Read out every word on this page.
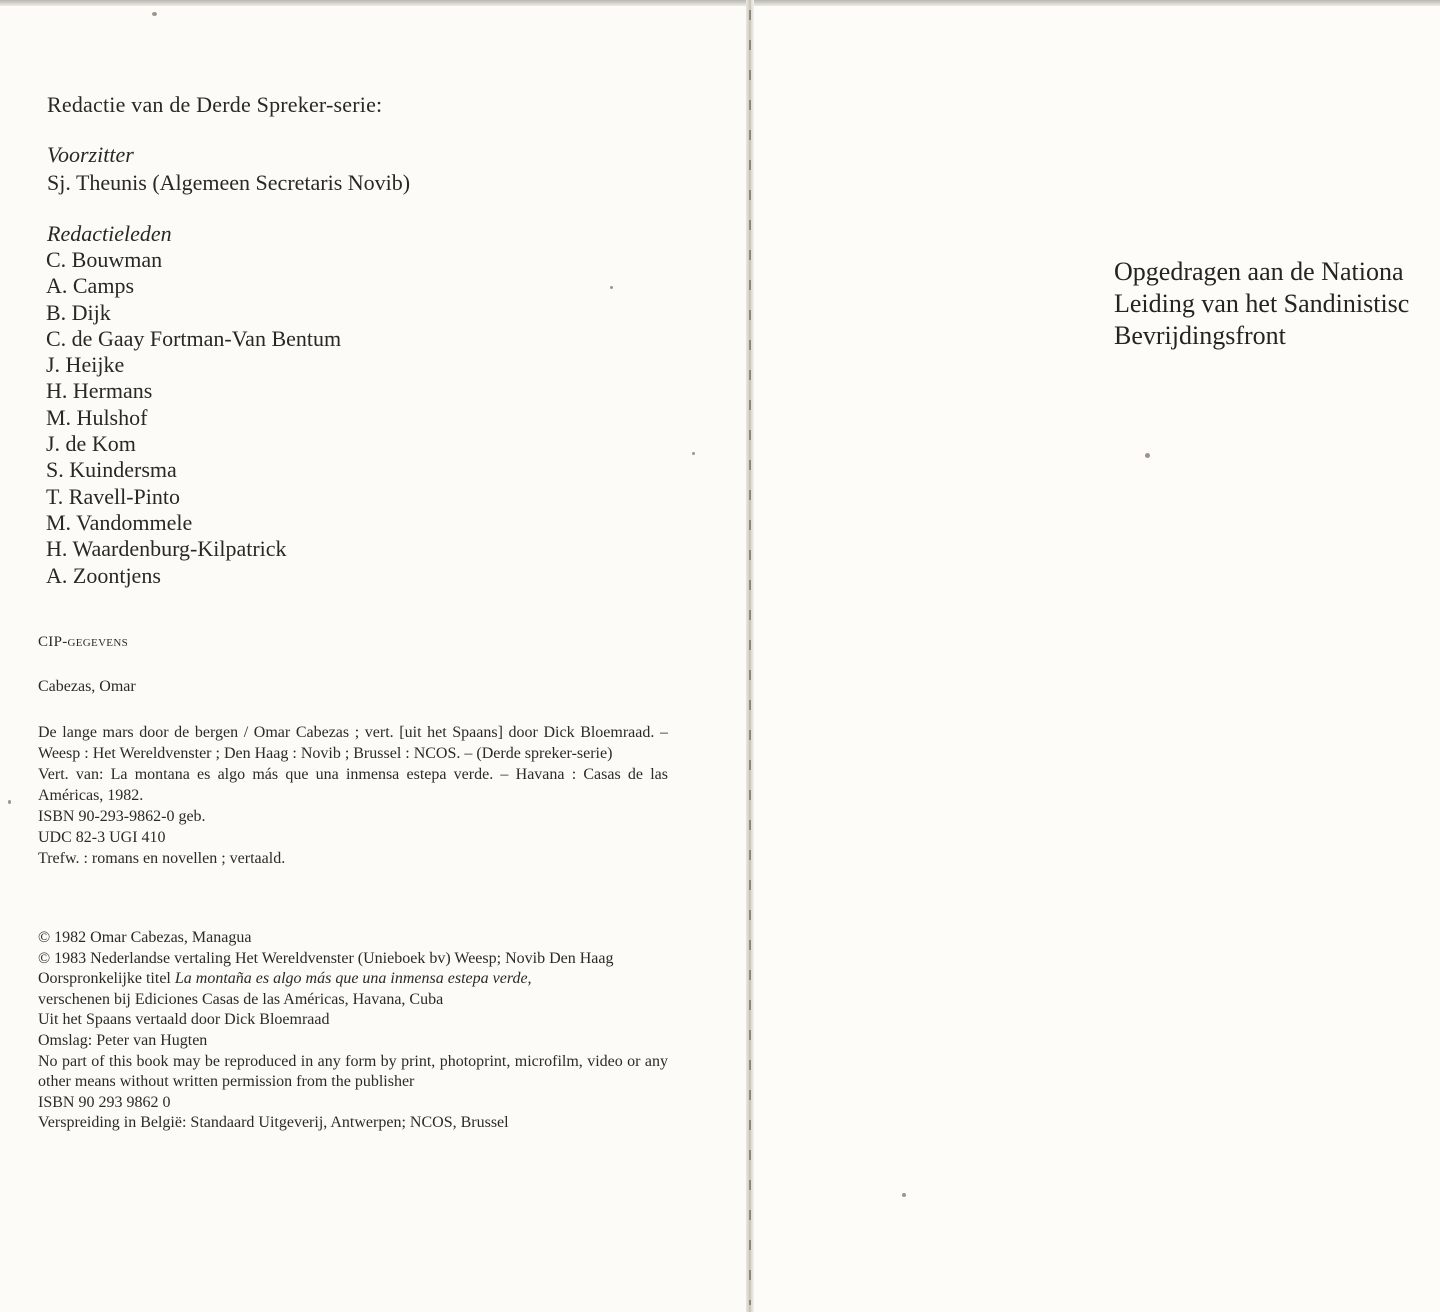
Opgedragen aan de Nationa
Leiding van het Sandinistisc
Bevrijdingsfront
Redactie van de Derde Spreker-serie:
Voorzitter
Sj. Theunis (Algemeen Secretaris Novib)
Redactieleden
C. Bouwman
A. Camps
B. Dijk
C. de Gaay Fortman-Van Bentum
J. Heijke
H. Hermans
M. Hulshof
J. de Kom
S. Kuindersma
T. Ravell-Pinto
M. Vandommele
H. Waardenburg-Kilpatrick
A. Zoontjens
CIP-gegevens
Cabezas, Omar
De lange mars door de bergen / Omar Cabezas ; vert. [uit het Spaans] door Dick Bloemraad. – Weesp : Het Wereldvenster ; Den Haag : Novib ; Brussel : NCOS. – (Derde spreker-serie)
Vert. van: La montana es algo más que una inmensa estepa verde. – Havana : Casas de las Américas, 1982.
ISBN 90-293-9862-0 geb.
UDC 82-3 UGI 410
Trefw. : romans en novellen ; vertaald.
© 1982 Omar Cabezas, Managua
© 1983 Nederlandse vertaling Het Wereldvenster (Unieboek bv) Weesp; Novib Den Haag
Oorspronkelijke titel La montaña es algo más que una inmensa estepa verde,
verschenen bij Ediciones Casas de las Américas, Havana, Cuba
Uit het Spaans vertaald door Dick Bloemraad
Omslag: Peter van Hugten
No part of this book may be reproduced in any form by print, photoprint, microfilm, video or any other means without written permission from the publisher
ISBN 90 293 9862 0
Verspreiding in België: Standaard Uitgeverij, Antwerpen; NCOS, Brussel
